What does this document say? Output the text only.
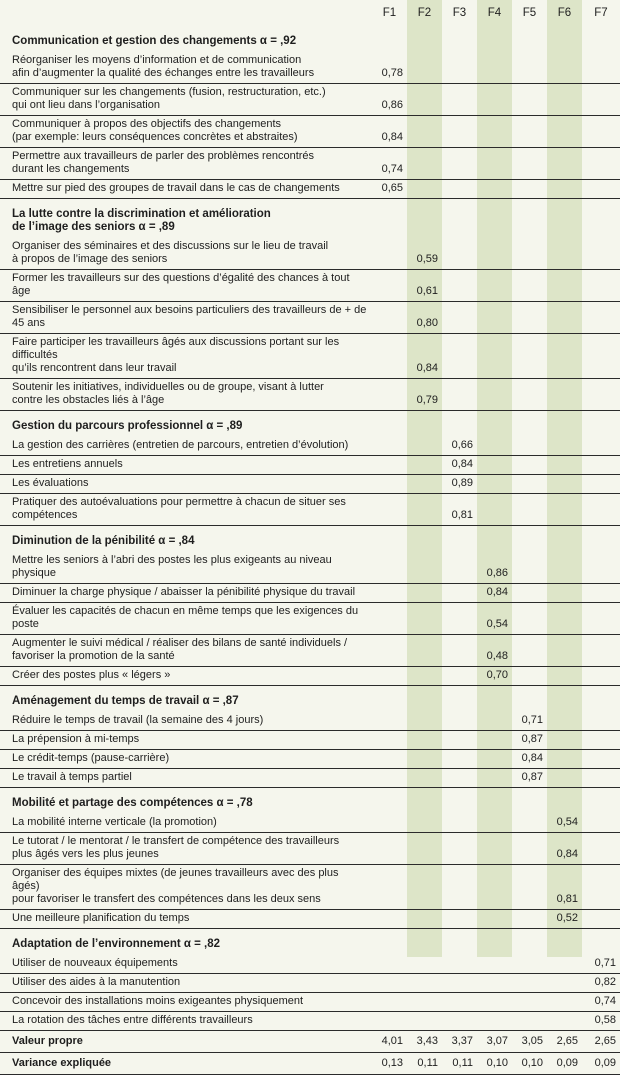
	F1	F2	F3	F4	F5	F6	F7
Communication et gestion des changements α = ,92							
Réorganiser les moyens d’information et de communication
afin d’augmenter la qualité des échanges entre les travailleurs	0,78						
Communiquer sur les changements (fusion, restructuration, etc.)
qui ont lieu dans l’organisation	0,86						
Communiquer à propos des objectifs des changements
(par exemple: leurs conséquences concrètes et abstraites)	0,84						
Permettre aux travailleurs de parler des problèmes rencontrés
durant les changements	0,74						
Mettre sur pied des groupes de travail dans le cas de changements	0,65						
La lutte contre la discrimination et amélioration
de l’image des seniors α = ,89							
Organiser des séminaires et des discussions sur le lieu de travail
à propos de l’image des seniors		0,59					
Former les travailleurs sur des questions d’égalité des chances à tout âge		0,61					
Sensibiliser le personnel aux besoins particuliers des travailleurs de + de 45 ans		0,80					
Faire participer les travailleurs âgés aux discussions portant sur les difficultés
qu’ils rencontrent dans leur travail		0,84					
Soutenir les initiatives, individuelles ou de groupe, visant à lutter
contre les obstacles liés à l’âge		0,79					
Gestion du parcours professionnel α = ,89							
La gestion des carrières (entretien de parcours, entretien d’évolution)			0,66				
Les entretiens annuels			0,84				
Les évaluations			0,89				
Pratiquer des autoévaluations pour permettre à chacun de situer ses compétences			0,81				
Diminution de la pénibilité α = ,84							
Mettre les seniors à l’abri des postes les plus exigeants au niveau physique				0,86			
Diminuer la charge physique / abaisser la pénibilité physique du travail				0,84			
Évaluer les capacités de chacun en même temps que les exigences du poste				0,54			
Augmenter le suivi médical / réaliser des bilans de santé individuels /
favoriser la promotion de la santé				0,48			
Créer des postes plus « légers »				0,70			
Aménagement du temps de travail α = ,87							
Réduire le temps de travail (la semaine des 4 jours)					0,71		
La prépension à mi-temps					0,87		
Le crédit-temps (pause-carrière)					0,84		
Le travail à temps partiel					0,87		
Mobilité et partage des compétences α = ,78							
La mobilité interne verticale (la promotion)						0,54	
Le tutorat / le mentorat / le transfert de compétence des travailleurs
plus âgés vers les plus jeunes						0,84	
Organiser des équipes mixtes (de jeunes travailleurs avec des plus âgés)
pour favoriser le transfert des compétences dans les deux sens						0,81	
Une meilleure planification du temps						0,52	
Adaptation de l’environnement α = ,82							
Utiliser de nouveaux équipements							0,71
Utiliser des aides à la manutention							0,82
Concevoir des installations moins exigeantes physiquement							0,74
La rotation des tâches entre différents travailleurs							0,58
Valeur propre	4,01	3,43	3,37	3,07	3,05	2,65	2,65
Variance expliquée	0,13	0,11	0,11	0,10	0,10	0,09	0,09
